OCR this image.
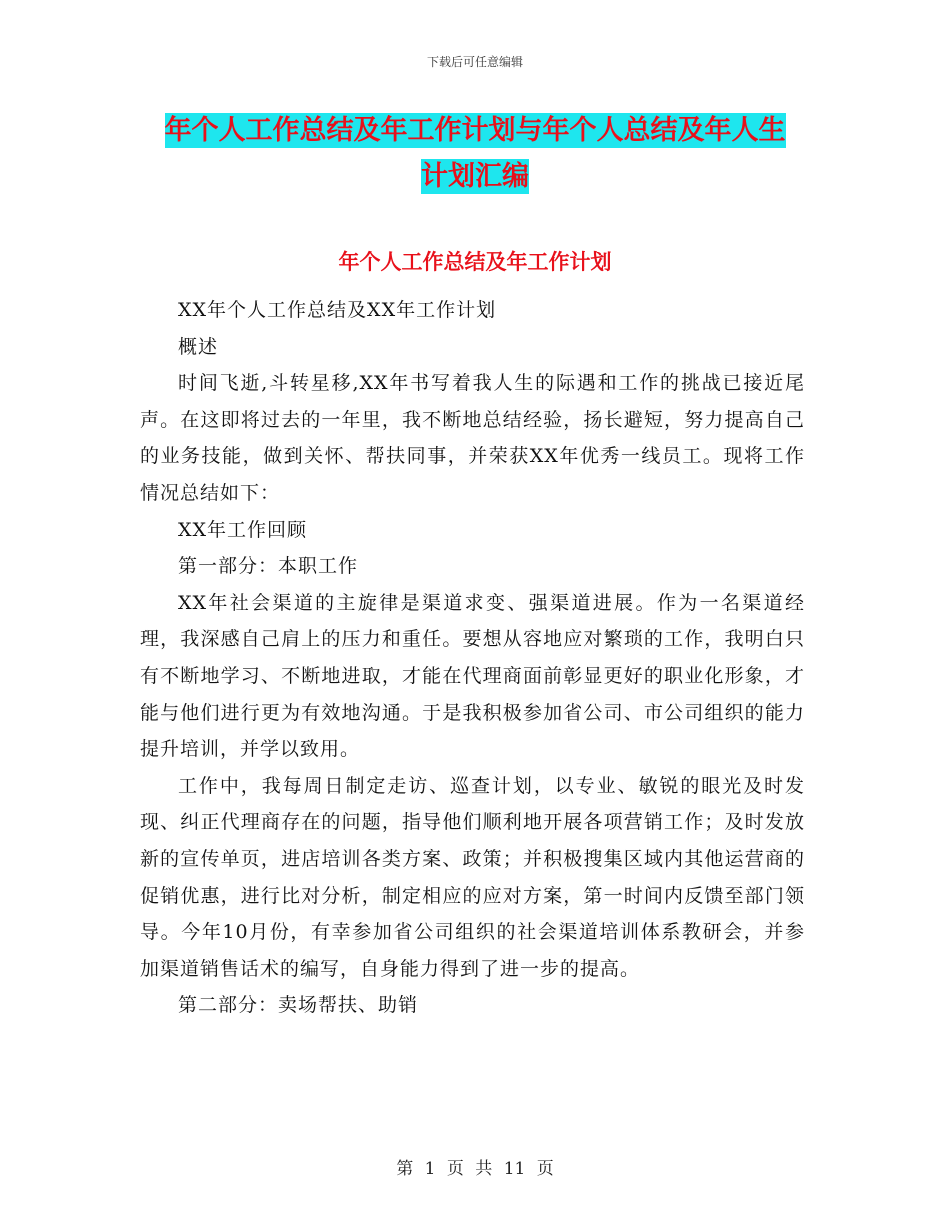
下载后可任意编辑
年个人工作总结及年工作计划与年个人总结及年人生
计划汇编
年个人工作总结及年工作计划

XX年个人工作总结及XX年工作计划

概述

时间飞逝,斗转星移,XX年书写着我人生的际遇和工作的挑战已接近尾声。在这即将过去的一年里，我不断地总结经验，扬长避短，努力提高自己的业务技能，做到关怀、帮扶同事，并荣获XX年优秀一线员工。现将工作情况总结如下：

XX年工作回顾

第一部分：本职工作

XX年社会渠道的主旋律是渠道求变、强渠道进展。作为一名渠道经理，我深感自己肩上的压力和重任。要想从容地应对繁琐的工作，我明白只有不断地学习、不断地进取，才能在代理商面前彰显更好的职业化形象，才能与他们进行更为有效地沟通。于是我积极参加省公司、市公司组织的能力提升培训，并学以致用。

工作中，我每周日制定走访、巡查计划，以专业、敏锐的眼光及时发现、纠正代理商存在的问题，指导他们顺利地开展各项营销工作；及时发放新的宣传单页，进店培训各类方案、政策；并积极搜集区域内其他运营商的促销优惠，进行比对分析，制定相应的应对方案，第一时间内反馈至部门领导。今年10月份，有幸参加省公司组织的社会渠道培训体系教研会，并参加渠道销售话术的编写，自身能力得到了进一步的提高。

第二部分：卖场帮扶、助销

第 1 页 共 11 页
